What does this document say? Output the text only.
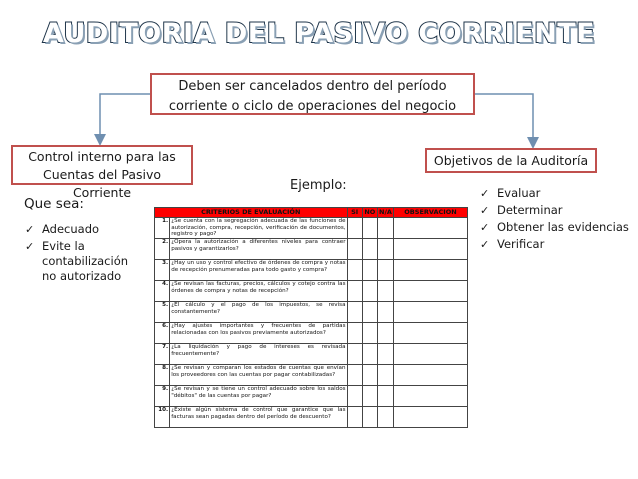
AUDITORIA DEL PASIVO CORRIENTE
Deben ser cancelados dentro del período
corriente o ciclo de operaciones del negocio
Control interno para las
Cuentas del Pasivo Corriente
Objetivos de la Auditoría
Ejemplo:
Que sea:
✓ Adecuado
✓ Evite la contabilización no autorizado
✓ Evaluar
✓ Determinar
✓ Obtener las evidencias
✓ Verificar
CRITERIOS DE EVALUACIÓN		SI	NO	N/A	OBSERVACION
1.	¿Se cuenta con la segregación adecuada de las funciones de autorización, compra, recepción, verificación de documentos, registro y pago?				
2.	¿Opera la autorización a diferentes niveles para contraer pasivos y garantizarlos?				
3.	¿Hay un uso y control efectivo de órdenes de compra y notas de recepción prenumeradas para todo gasto y compra?				
4.	¿Se revisan las facturas, precios, cálculos y cotejo contra las órdenes de compra y notas de recepción?				
5.	¿El cálculo y el pago de los impuestos, se revisa constantemente?				
6.	¿Hay ajustes importantes y frecuentes de partidas relacionadas con los pasivos previamente autorizados?				
7.	¿La liquidación y pago de intereses es revisada frecuentemente?				
8.	¿Se revisan y comparan los estados de cuentas que envían los proveedores con las cuentas por pagar contabilizadas?				
9.	¿Se revisan y se tiene un control adecuado sobre los saldos "débitos" de las cuentas por pagar?				
10.	¿Existe algún sistema de control que garantice que las facturas sean pagadas dentro del período de descuento?				
